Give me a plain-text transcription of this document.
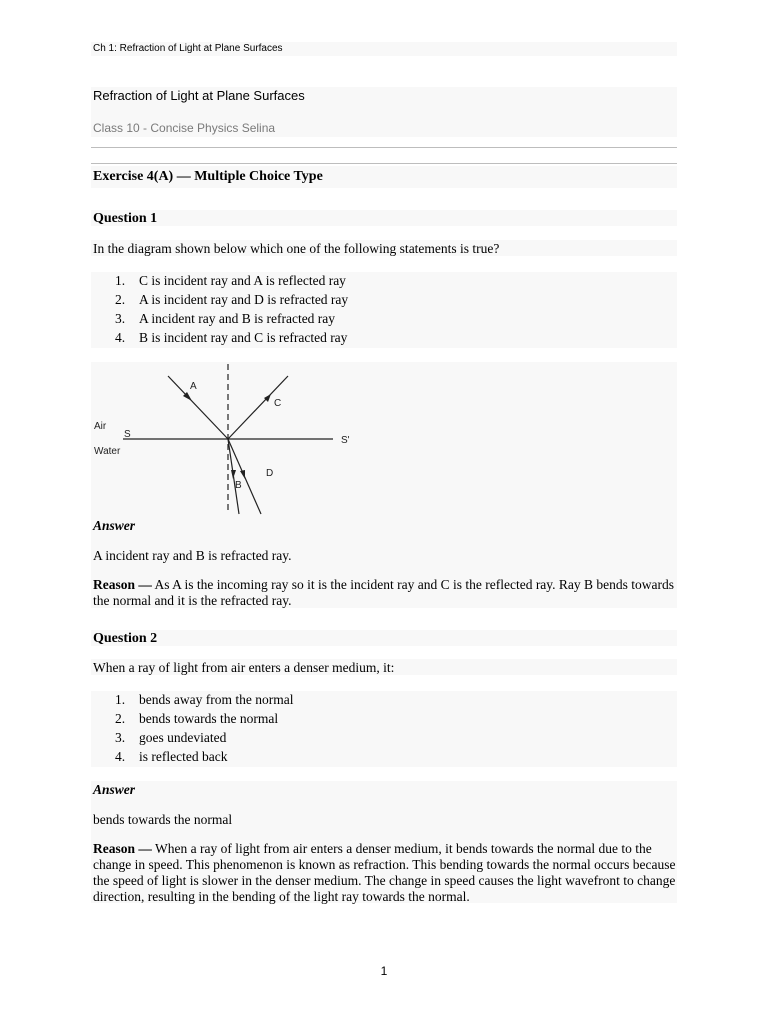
Ch 1: Refraction of Light at Plane Surfaces
Refraction of Light at Plane Surfaces
Class 10 - Concise Physics Selina
Exercise 4(A) — Multiple Choice Type
Question 1
In the diagram shown below which one of the following statements is true?
1. C is incident ray and A is reflected ray
2. A is incident ray and D is refracted ray
3. A incident ray and B is refracted ray
4. B is incident ray and C is refracted ray
A
C
S
S'
Air
Water
D
B
Answer
A incident ray and B is refracted ray.
Reason — As A is the incoming ray so it is the incident ray and C is the reflected ray. Ray B bends towards the normal and it is the refracted ray.
Question 2
When a ray of light from air enters a denser medium, it:
1. bends away from the normal
2. bends towards the normal
3. goes undeviated
4. is reflected back
Answer
bends towards the normal
Reason — When a ray of light from air enters a denser medium, it bends towards the normal due to the change in speed. This phenomenon is known as refraction. This bending towards the normal occurs because the speed of light is slower in the denser medium. The change in speed causes the light wavefront to change direction, resulting in the bending of the light ray towards the normal.
1
